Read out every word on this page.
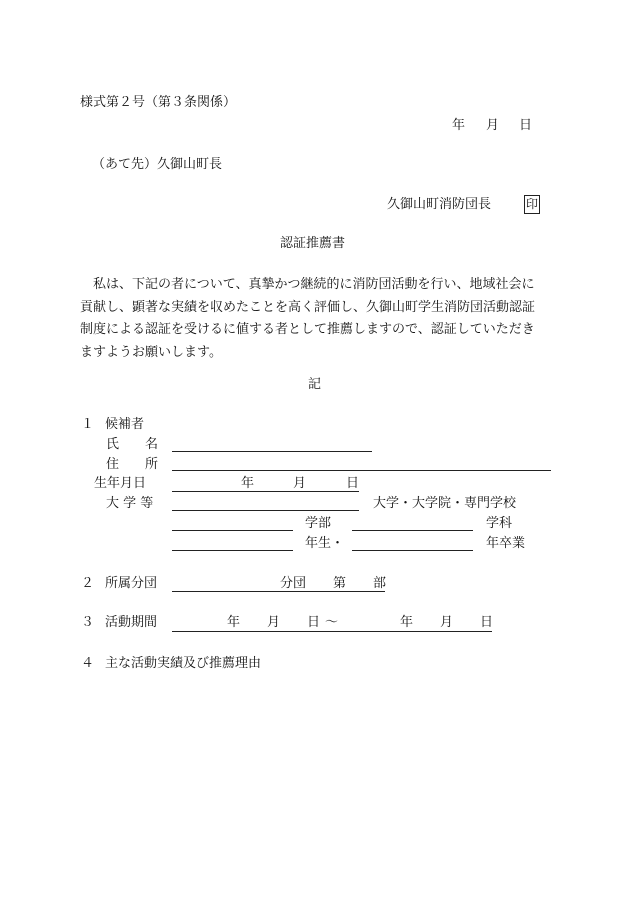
様式第２号（第３条関係）
年 月 日
（あて先）久御山町長
久御山町消防団長	印
認証推薦書

　私は、下記の者について、真摯かつ継続的に消防団活動を行い、地域社会に

貢献し、顕著な実績を収めたことを高く評価し、久御山町学生消防団活動認証

制度による認証を受けるに値する者として推薦しますので、認証していただき

ますようお願いします。

記
１ 候補者
氏　　名
住　　所
生年月日	年	月	日
大 学 等	大学・大学院・専門学校
学部	学科
年生・	年卒業
２ 所属分団	分団 第 部
３ 活動期間	年 月 日 ～	年 月 日
４ 主な活動実績及び推薦理由
